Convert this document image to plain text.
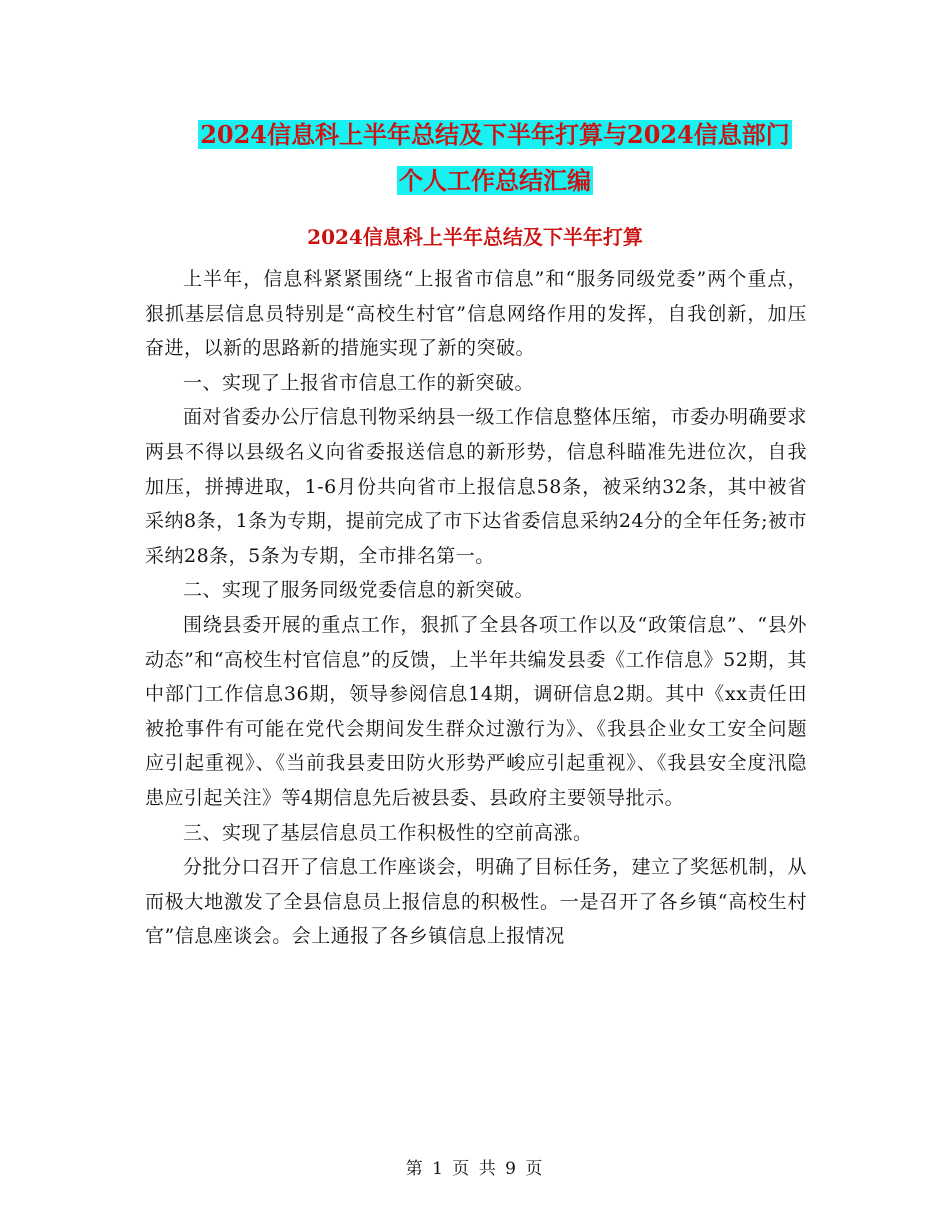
2024信息科上半年总结及下半年打算与2024信息部门
个人工作总结汇编
2024信息科上半年总结及下半年打算

上半年，信息科紧紧围绕“上报省市信息”和“服务同级党委”两个重点，狠抓基层信息员特别是“高校生村官”信息网络作用的发挥，自我创新，加压奋进，以新的思路新的措施实现了新的突破。

一、实现了上报省市信息工作的新突破。

面对省委办公厅信息刊物采纳县一级工作信息整体压缩，市委办明确要求两县不得以县级名义向省委报送信息的新形势，信息科瞄准先进位次，自我加压，拼搏进取，1-6月份共向省市上报信息58条，被采纳32条，其中被省采纳8条，1条为专期，提前完成了市下达省委信息采纳24分的全年任务;被市采纳28条，5条为专期，全市排名第一。

二、实现了服务同级党委信息的新突破。

围绕县委开展的重点工作，狠抓了全县各项工作以及“政策信息”、“县外动态”和“高校生村官信息”的反馈，上半年共编发县委《工作信息》52期，其中部门工作信息36期，领导参阅信息14期，调研信息2期。其中《xx责任田被抢事件有可能在党代会期间发生群众过激行为》、《我县企业女工安全问题应引起重视》、《当前我县麦田防火形势严峻应引起重视》、《我县安全度汛隐患应引起关注》等4期信息先后被县委、县政府主要领导批示。

三、实现了基层信息员工作积极性的空前高涨。

分批分口召开了信息工作座谈会，明确了目标任务，建立了奖惩机制，从而极大地激发了全县信息员上报信息的积极性。一是召开了各乡镇“高校生村官”信息座谈会。会上通报了各乡镇信息上报情况

第 1 页 共 9 页
